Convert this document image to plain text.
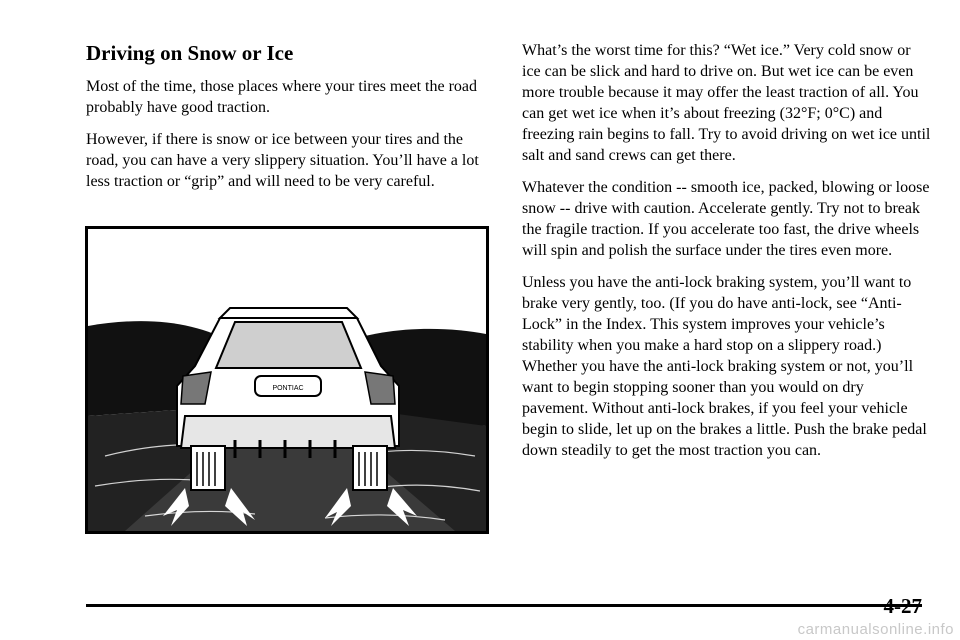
Driving on Snow or Ice

Most of the time, those places where your tires meet the road probably have good traction.

However, if there is snow or ice between your tires and the road, you can have a very slippery situation. You’ll have a lot less traction or “grip” and will need to be very careful.

PONTIAC

What’s the worst time for this? “Wet ice.” Very cold snow or ice can be slick and hard to drive on. But wet ice can be even more trouble because it may offer the least traction of all. You can get wet ice when it’s about freezing (32°F; 0°C) and freezing rain begins to fall. Try to avoid driving on wet ice until salt and sand crews can get there.

Whatever the condition -- smooth ice, packed, blowing or loose snow -- drive with caution. Accelerate gently. Try not to break the fragile traction. If you accelerate too fast, the drive wheels will spin and polish the surface under the tires even more.

Unless you have the anti-lock braking system, you’ll want to brake very gently, too. (If you do have anti-lock, see “Anti-Lock” in the Index. This system improves your vehicle’s stability when you make a hard stop on a slippery road.) Whether you have the anti-lock braking system or not, you’ll want to begin stopping sooner than you would on dry pavement. Without anti-lock brakes, if you feel your vehicle begin to slide, let up on the brakes a little. Push the brake pedal down steadily to get the most traction you can.

4-27
carmanualsonline.info
